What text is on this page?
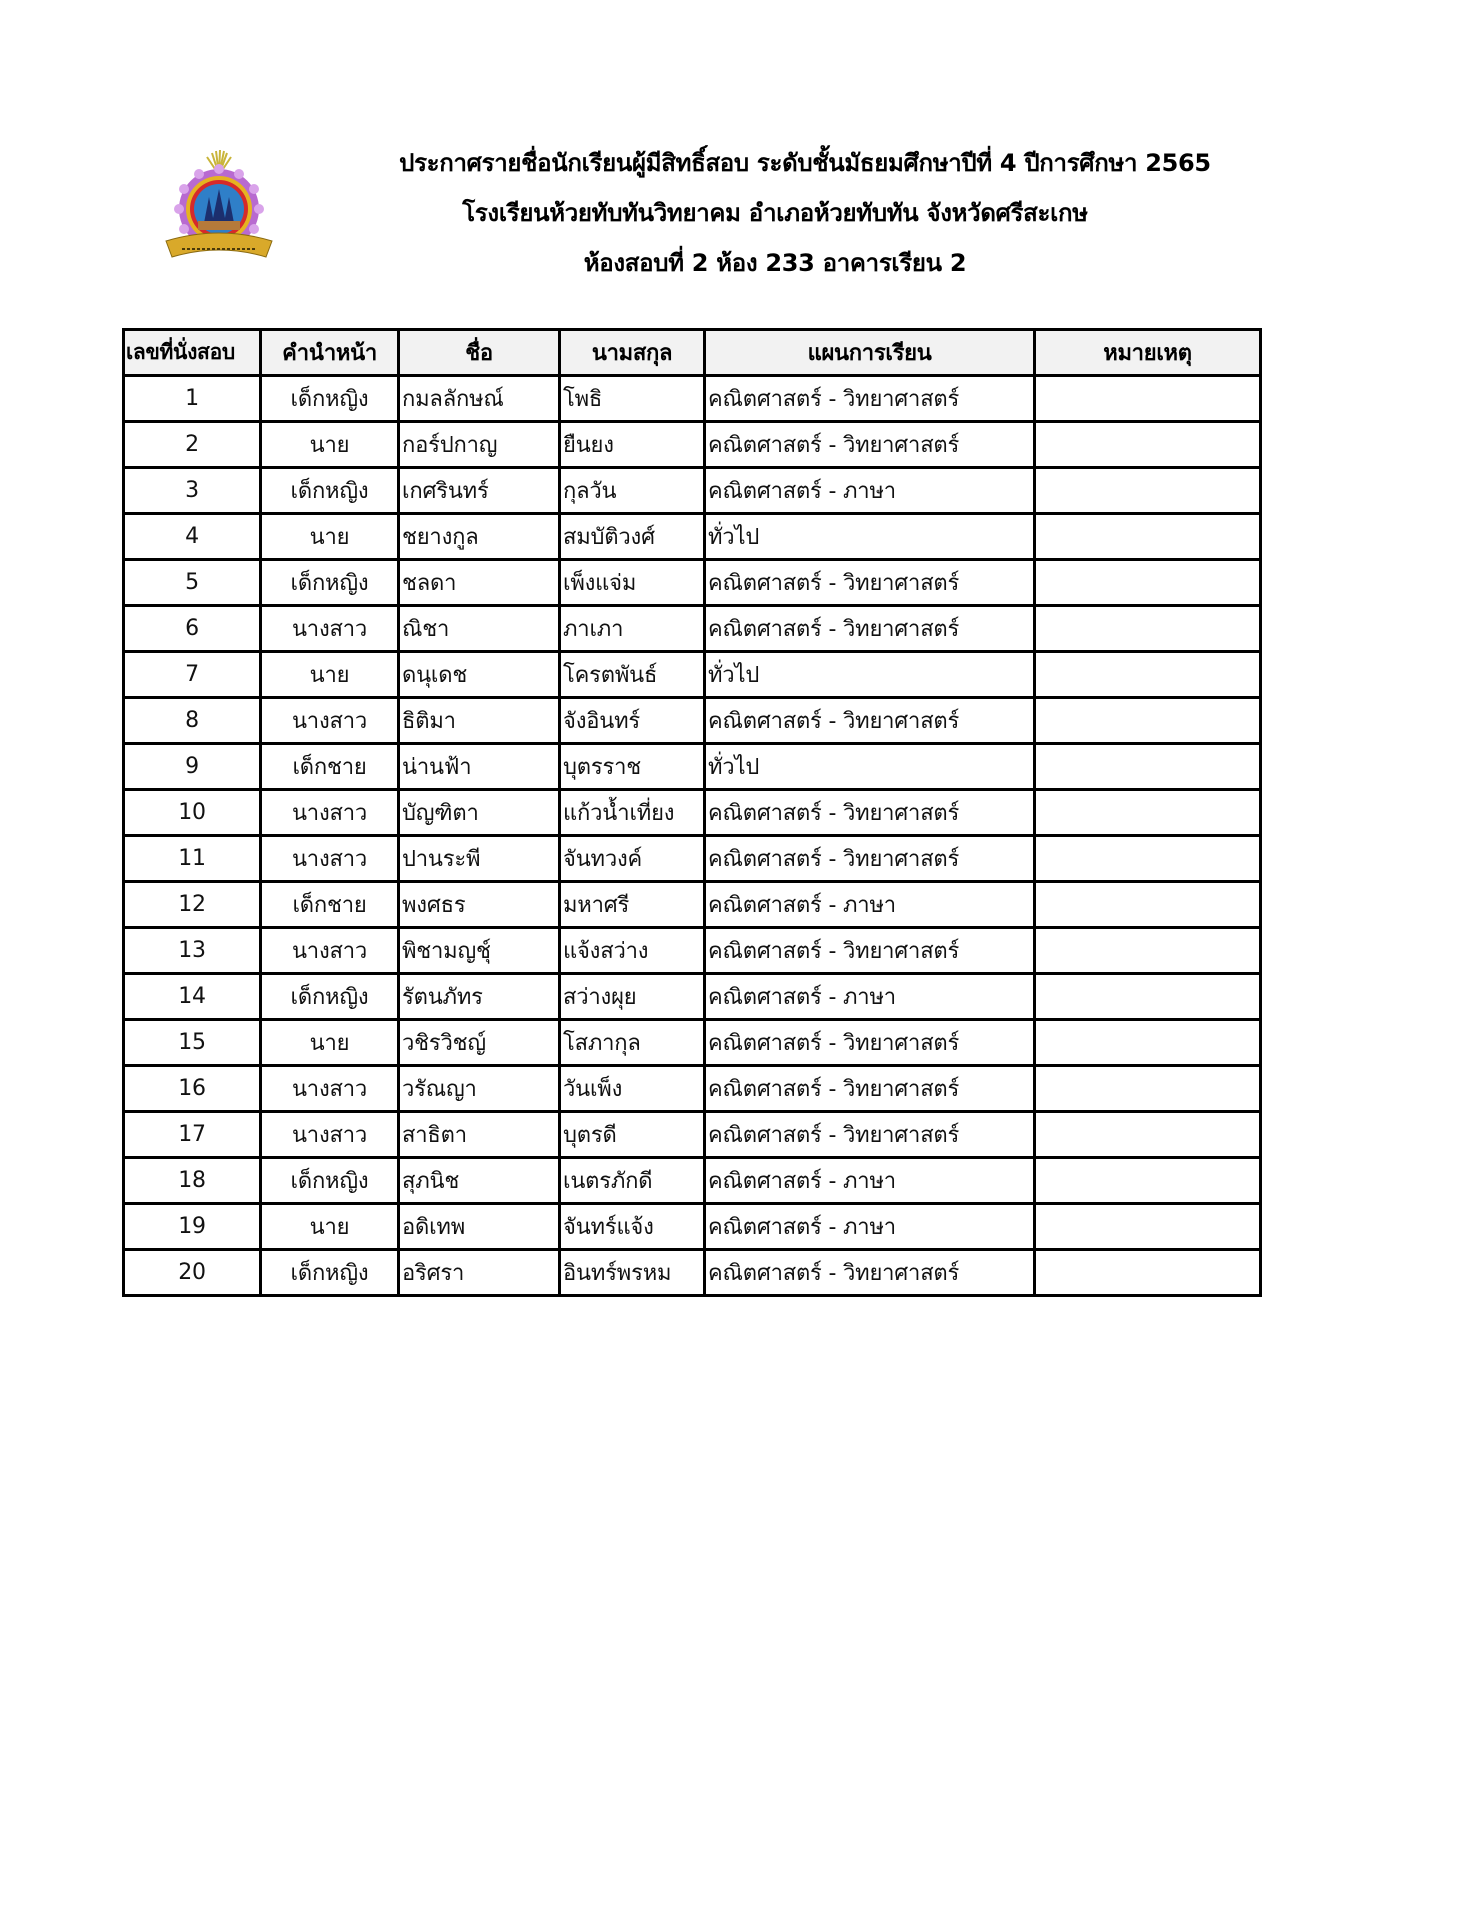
ประกาศรายชื่อนักเรียนผู้มีสิทธิ์สอบ ระดับชั้นมัธยมศึกษาปีที่ 4 ปีการศึกษา 2565
โรงเรียนห้วยทับทันวิทยาคม อำเภอห้วยทับทัน จังหวัดศรีสะเกษ
ห้องสอบที่ 2 ห้อง 233 อาคารเรียน 2
เลขที่นั่งสอบ	คำนำหน้า	ชื่อ	นามสกุล	แผนการเรียน	หมายเหตุ
1	เด็กหญิง	กมลลักษณ์	โพธิ	คณิตศาสตร์ - วิทยาศาสตร์	
2	นาย	กอร์ปกาญ	ยืนยง	คณิตศาสตร์ - วิทยาศาสตร์	
3	เด็กหญิง	เกศรินทร์	กุลวัน	คณิตศาสตร์ - ภาษา	
4	นาย	ชยางกูล	สมบัติวงศ์	ทั่วไป	
5	เด็กหญิง	ชลดา	เพ็งแจ่ม	คณิตศาสตร์ - วิทยาศาสตร์	
6	นางสาว	ณิชา	ภาเภา	คณิตศาสตร์ - วิทยาศาสตร์	
7	นาย	ดนุเดช	โครตพันธ์	ทั่วไป	
8	นางสาว	ธิติมา	จังอินทร์	คณิตศาสตร์ - วิทยาศาสตร์	
9	เด็กชาย	น่านฟ้า	บุตรราช	ทั่วไป	
10	นางสาว	บัญฑิตา	แก้วน้ำเที่ยง	คณิตศาสตร์ - วิทยาศาสตร์	
11	นางสาว	ปานระพี	จันทวงค์	คณิตศาสตร์ - วิทยาศาสตร์	
12	เด็กชาย	พงศธร	มหาศรี	คณิตศาสตร์ - ภาษา	
13	นางสาว	พิชามญชุ์	แจ้งสว่าง	คณิตศาสตร์ - วิทยาศาสตร์	
14	เด็กหญิง	รัตนภัทร	สว่างผุย	คณิตศาสตร์ - ภาษา	
15	นาย	วชิรวิชญ์	โสภากุล	คณิตศาสตร์ - วิทยาศาสตร์	
16	นางสาว	วรัณญา	วันเพ็ง	คณิตศาสตร์ - วิทยาศาสตร์	
17	นางสาว	สาธิตา	บุตรดี	คณิตศาสตร์ - วิทยาศาสตร์	
18	เด็กหญิง	สุภนิช	เนตรภักดี	คณิตศาสตร์ - ภาษา	
19	นาย	อดิเทพ	จันทร์แจ้ง	คณิตศาสตร์ - ภาษา	
20	เด็กหญิง	อริศรา	อินทร์พรหม	คณิตศาสตร์ - วิทยาศาสตร์	
